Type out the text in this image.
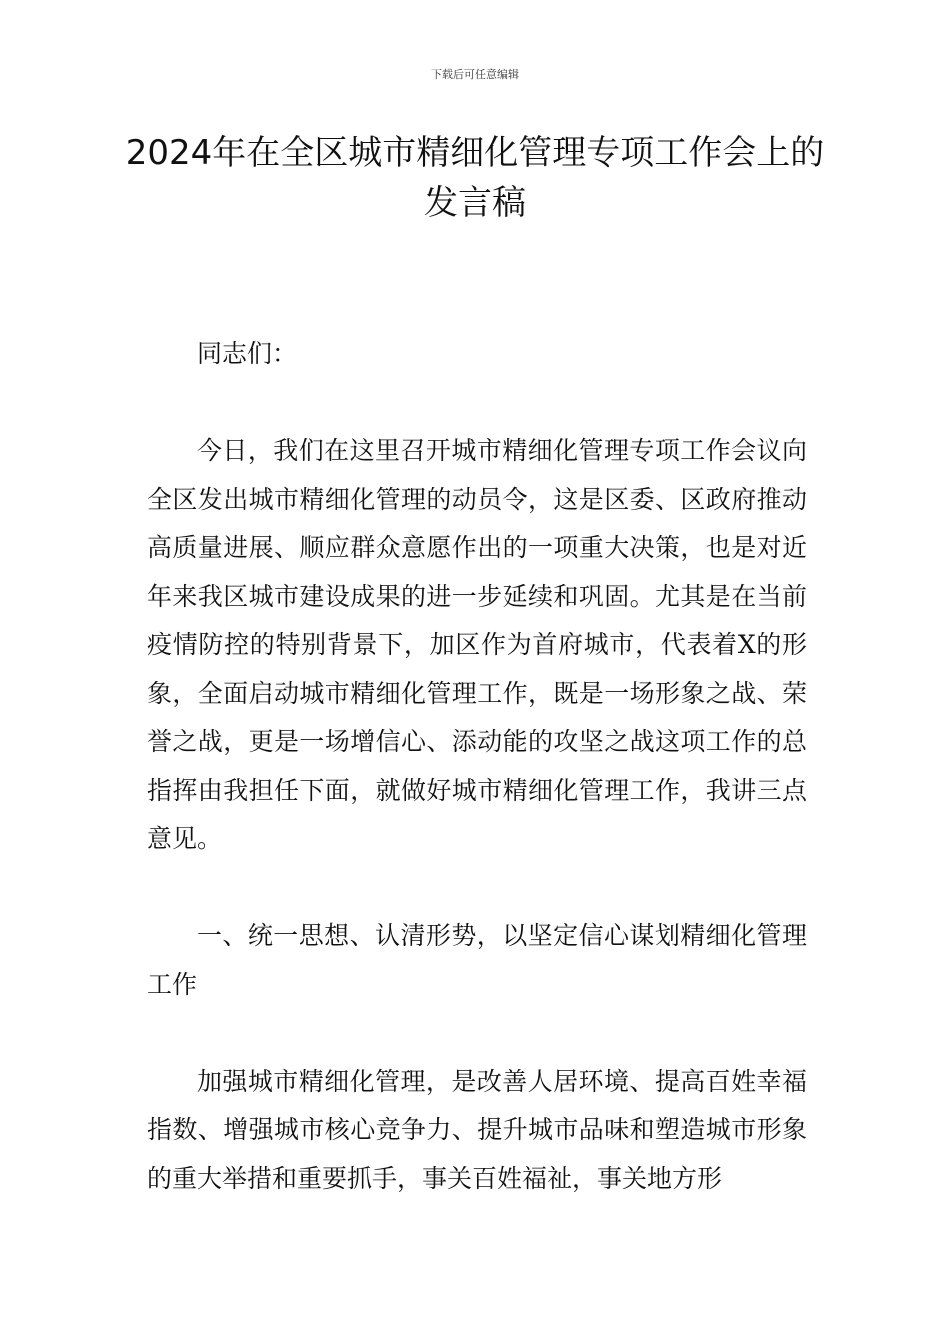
下载后可任意编辑
2024年在全区城市精细化管理专项工作会上的发言稿

同志们：

今日，我们在这里召开城市精细化管理专项工作会议向全区发出城市精细化管理的动员令，这是区委、区政府推动高质量进展、顺应群众意愿作出的一项重大决策，也是对近年来我区城市建设成果的进一步延续和巩固。尤其是在当前疫情防控的特别背景下，加区作为首府城市，代表着X的形象，全面启动城市精细化管理工作，既是一场形象之战、荣誉之战，更是一场增信心、添动能的攻坚之战这项工作的总指挥由我担任下面，就做好城市精细化管理工作，我讲三点意见。

一、统一思想、认清形势，以坚定信心谋划精细化管理工作

加强城市精细化管理，是改善人居环境、提高百姓幸福指数、增强城市核心竞争力、提升城市品味和塑造城市形象的重大举措和重要抓手，事关百姓福祉，事关地方形
